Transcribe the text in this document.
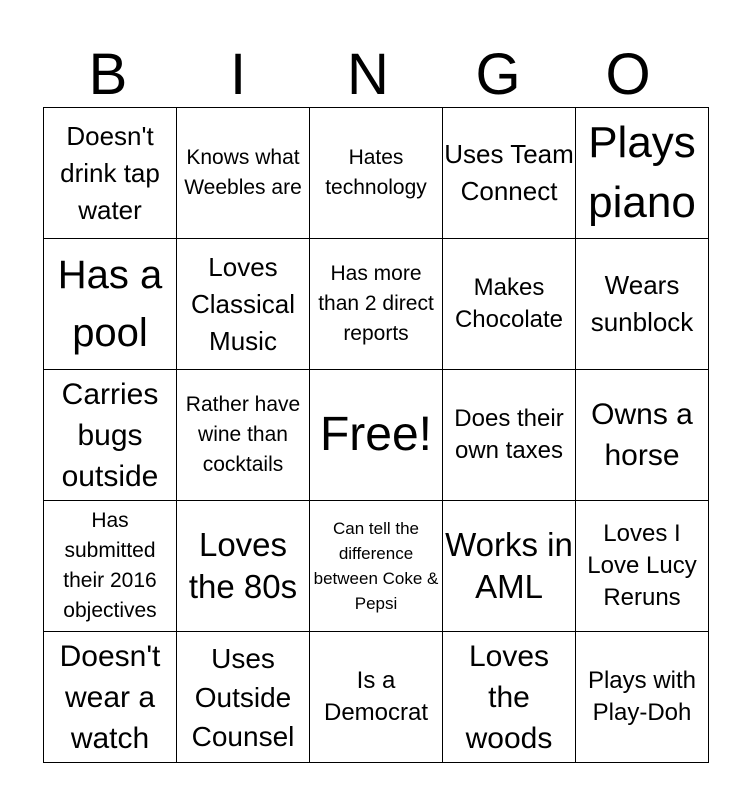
B	I	N	G	O
Doesn't drink tap water	Knows what Weebles are	Hates technology	Uses Team Connect	Plays piano
Has a pool	Loves Classical Music	Has more than 2 direct reports	Makes Chocolate	Wears sunblock
Carries bugs outside	Rather have wine than cocktails	Free!	Does their own taxes	Owns a horse
Has submitted their 2016 objectives	Loves the 80s	Can tell the difference between Coke & Pepsi	Works in AML	Loves I Love Lucy Reruns
Doesn't wear a watch	Uses Outside Counsel	Is a Democrat	Loves the woods	Plays with Play-Doh
